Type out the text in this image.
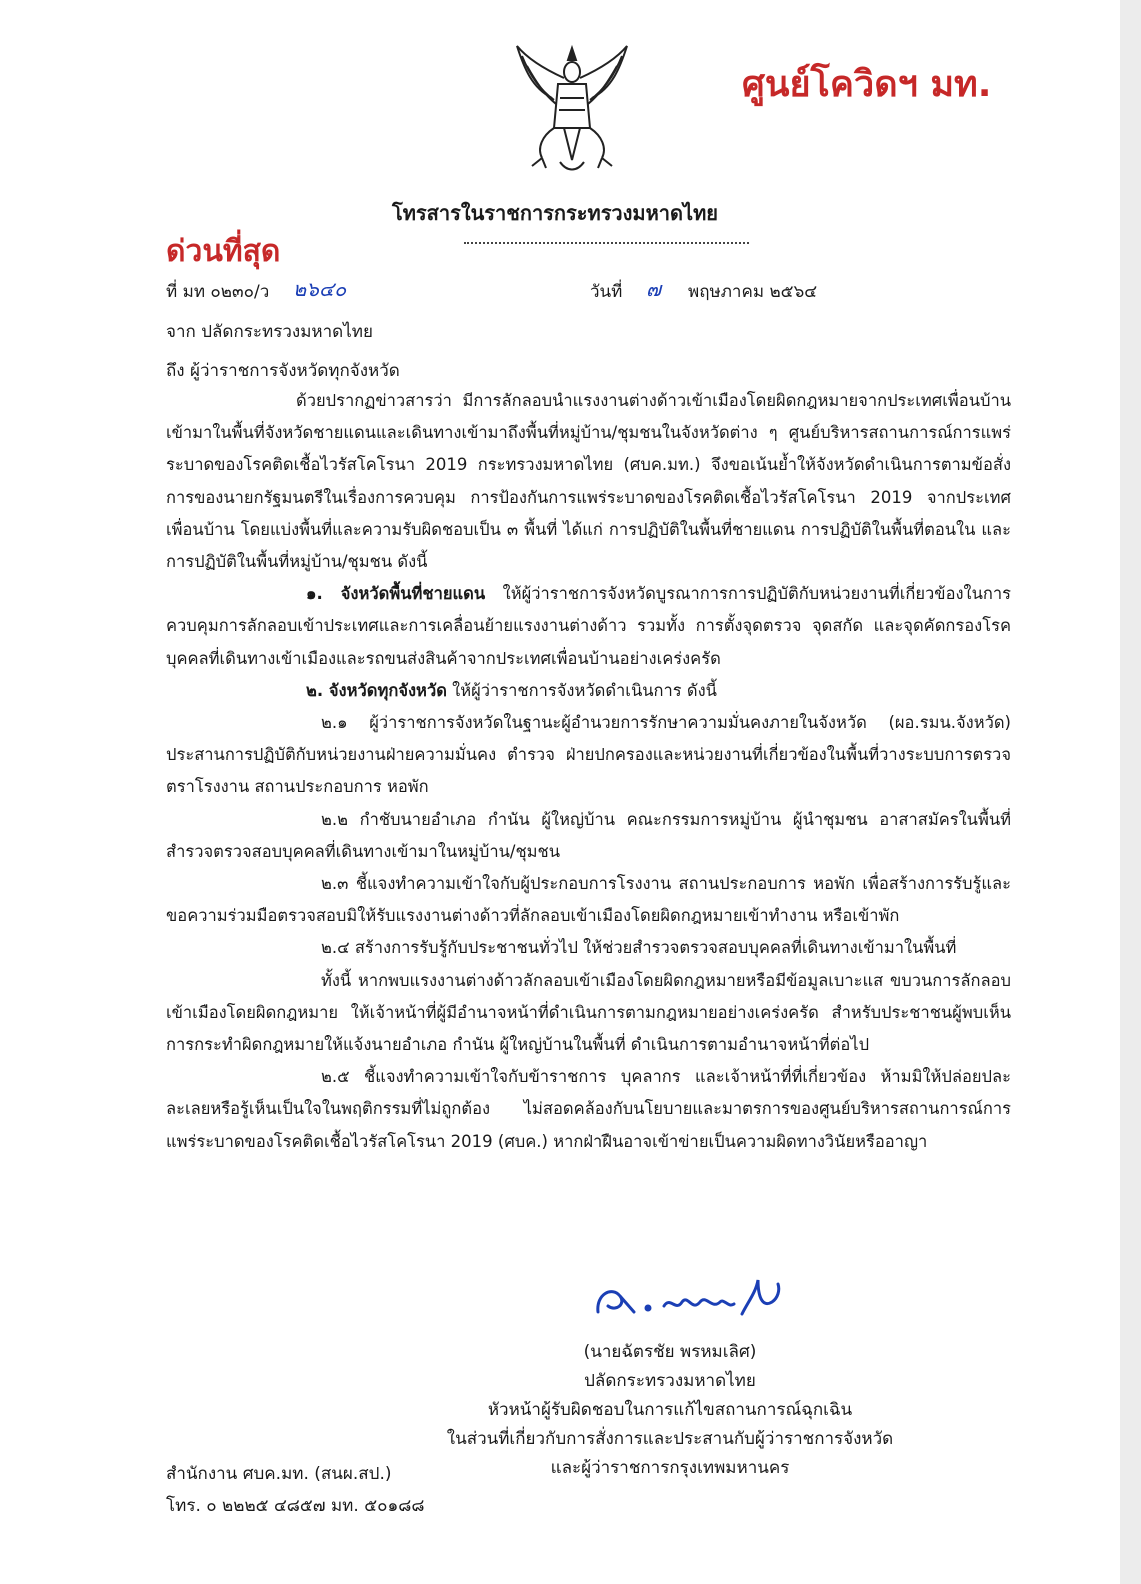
ศูนย์โควิดฯ มท.
โทรสารในราชการกระทรวงมหาดไทย
ด่วนที่สุด
ที่ มท ๐๒๓๐/ว ๒๖๔๐	วันที่ ๗ พฤษภาคม ๒๕๖๔
จาก ปลัดกระทรวงมหาดไทย
ถึง ผู้ว่าราชการจังหวัดทุกจังหวัด

ด้วยปรากฏข่าวสารว่า มีการลักลอบนำแรงงานต่างด้าวเข้าเมืองโดยผิดกฎหมายจากประเทศเพื่อนบ้านเข้ามาในพื้นที่จังหวัดชายแดนและเดินทางเข้ามาถึงพื้นที่หมู่บ้าน/ชุมชนในจังหวัดต่าง ๆ ศูนย์บริหารสถานการณ์การแพร่ระบาดของโรคติดเชื้อไวรัสโคโรนา 2019 กระทรวงมหาดไทย (ศบค.มท.) จึงขอเน้นย้ำให้จังหวัดดำเนินการตามข้อสั่งการของนายกรัฐมนตรีในเรื่องการควบคุม การป้องกันการแพร่ระบาดของโรคติดเชื้อไวรัสโคโรนา 2019 จากประเทศเพื่อนบ้าน โดยแบ่งพื้นที่และความรับผิดชอบเป็น ๓ พื้นที่ ได้แก่ การปฏิบัติในพื้นที่ชายแดน การปฏิบัติในพื้นที่ตอนใน และการปฏิบัติในพื้นที่หมู่บ้าน/ชุมชน ดังนี้

๑. จังหวัดพื้นที่ชายแดน ให้ผู้ว่าราชการจังหวัดบูรณาการการปฏิบัติกับหน่วยงานที่เกี่ยวข้องในการควบคุมการลักลอบเข้าประเทศและการเคลื่อนย้ายแรงงานต่างด้าว รวมทั้ง การตั้งจุดตรวจ จุดสกัด และจุดคัดกรองโรคบุคคลที่เดินทางเข้าเมืองและรถขนส่งสินค้าจากประเทศเพื่อนบ้านอย่างเคร่งครัด

๒. จังหวัดทุกจังหวัด ให้ผู้ว่าราชการจังหวัดดำเนินการ ดังนี้

๒.๑ ผู้ว่าราชการจังหวัดในฐานะผู้อำนวยการรักษาความมั่นคงภายในจังหวัด (ผอ.รมน.จังหวัด) ประสานการปฏิบัติกับหน่วยงานฝ่ายความมั่นคง ตำรวจ ฝ่ายปกครองและหน่วยงานที่เกี่ยวข้องในพื้นที่วางระบบการตรวจตราโรงงาน สถานประกอบการ หอพัก

๒.๒ กำชับนายอำเภอ กำนัน ผู้ใหญ่บ้าน คณะกรรมการหมู่บ้าน ผู้นำชุมชน อาสาสมัครในพื้นที่สำรวจตรวจสอบบุคคลที่เดินทางเข้ามาในหมู่บ้าน/ชุมชน

๒.๓ ชี้แจงทำความเข้าใจกับผู้ประกอบการโรงงาน สถานประกอบการ หอพัก เพื่อสร้างการรับรู้และขอความร่วมมือตรวจสอบมิให้รับแรงงานต่างด้าวที่ลักลอบเข้าเมืองโดยผิดกฎหมายเข้าทำงาน หรือเข้าพัก

๒.๔ สร้างการรับรู้กับประชาชนทั่วไป ให้ช่วยสำรวจตรวจสอบบุคคลที่เดินทางเข้ามาในพื้นที่

ทั้งนี้ หากพบแรงงานต่างด้าวลักลอบเข้าเมืองโดยผิดกฎหมายหรือมีข้อมูลเบาะแส ขบวนการลักลอบเข้าเมืองโดยผิดกฎหมาย ให้เจ้าหน้าที่ผู้มีอำนาจหน้าที่ดำเนินการตามกฎหมายอย่างเคร่งครัด สำหรับประชาชนผู้พบเห็นการกระทำผิดกฎหมายให้แจ้งนายอำเภอ กำนัน ผู้ใหญ่บ้านในพื้นที่ ดำเนินการตามอำนาจหน้าที่ต่อไป

๒.๕ ชี้แจงทำความเข้าใจกับข้าราชการ บุคลากร และเจ้าหน้าที่ที่เกี่ยวข้อง ห้ามมิให้ปล่อยปละละเลยหรือรู้เห็นเป็นใจในพฤติกรรมที่ไม่ถูกต้อง ไม่สอดคล้องกับนโยบายและมาตรการของศูนย์บริหารสถานการณ์การแพร่ระบาดของโรคติดเชื้อไวรัสโคโรนา 2019 (ศบค.) หากฝ่าฝืนอาจเข้าข่ายเป็นความผิดทางวินัยหรืออาญา

(นายฉัตรชัย พรหมเลิศ)
ปลัดกระทรวงมหาดไทย
หัวหน้าผู้รับผิดชอบในการแก้ไขสถานการณ์ฉุกเฉิน
ในส่วนที่เกี่ยวกับการสั่งการและประสานกับผู้ว่าราชการจังหวัด
และผู้ว่าราชการกรุงเทพมหานคร
สำนักงาน ศบค.มท. (สนผ.สป.)
โทร. ๐ ๒๒๒๕ ๔๘๕๗ มท. ๕๐๑๘๘
